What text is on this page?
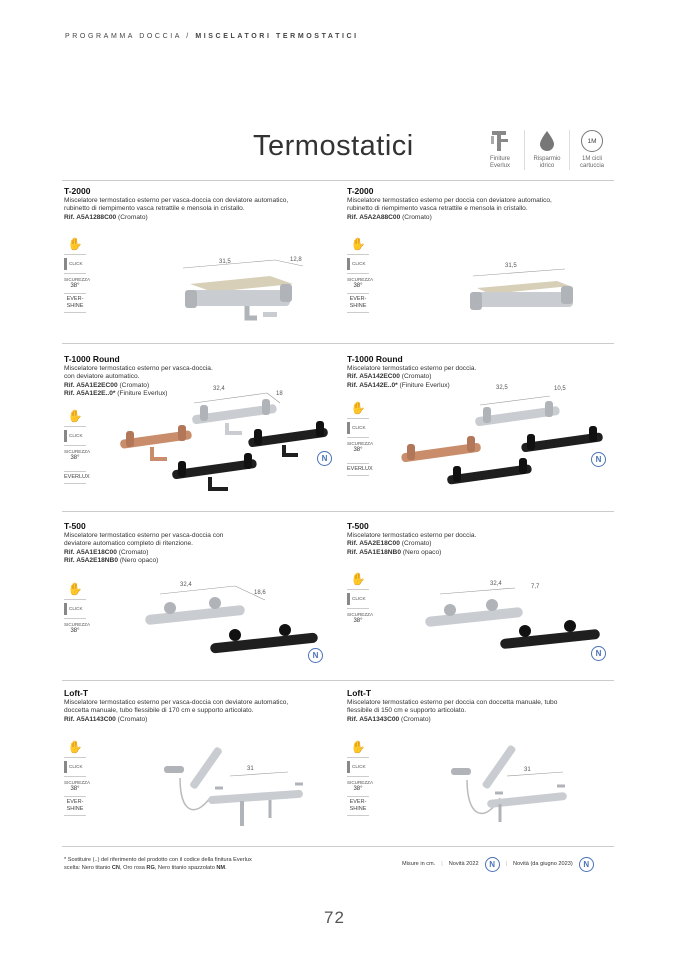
PROGRAMMA DOCCIA / MISCELATORI TERMOSTATICI
Termostatici	Finiture
Everlux
Risparmio
idrico
1M
1M cicli
cartuccia
T-2000
Miscelatore termostatico esterno per vasca-doccia con deviatore automatico,
rubinetto di riempimento vasca retrattile e mensola in cristallo.
Rif. A5A1288C00 (Cromato)
T-2000
Miscelatore termostatico esterno per doccia con deviatore automatico,
rubinetto di riempimento vasca retrattile e mensola in cristallo.
Rif. A5A2A88C00 (Cromato)
✋
CLICK
SICUREZZA
38°
EVER-
SHINE
✋
CLICK
SICUREZZA
38°
EVER-
SHINE
31,5	12,8
31,5
T-1000 Round
Miscelatore termostatico esterno per vasca-doccia.
con deviatore automatico.
Rif. A5A1E2EC00 (Cromato)
Rif. A5A1E2E..0* (Finiture Everlux)
T-1000 Round
Miscelatore termostatico esterno per doccia.
Rif. A5A142EC00 (Cromato)
Rif. A5A142E..0* (Finiture Everlux)
✋
CLICK
SICUREZZA
38°
EVERLUX
✋
CLICK
SICUREZZA
38°
EVERLUX
32,4
18
N
32,5	10,5
N
T-500
Miscelatore termostatico esterno per vasca-doccia con
deviatore automatico completo di ritenzione.
Rif. A5A1E18C00 (Cromato)
Rif. A5A2E18NB0 (Nero opaco)
T-500
Miscelatore termostatico esterno per doccia.
Rif. A5A2E18C00 (Cromato)
Rif. A5A1E18NB0 (Nero opaco)
✋
CLICK
SICUREZZA
38°
✋
CLICK
SICUREZZA
38°
32,4
18,6
N
32,4	7,7
N
Loft-T
Miscelatore termostatico esterno per vasca-doccia con deviatore automatico,
doccetta manuale, tubo flessibile di 170 cm e supporto articolato.
Rif. A5A1143C00 (Cromato)
Loft-T
Miscelatore termostatico esterno per doccia con doccetta manuale, tubo
flessibile di 150 cm e supporto articolato.
Rif. A5A1343C00 (Cromato)
✋
CLICK
SICUREZZA
38°
EVER-
SHINE
✋
CLICK
SICUREZZA
38°
EVER-
SHINE
31	31
* Sostituire (..) del riferimento del prodotto con il codice della finitura Everlux
scelta: Nero titanio CN, Oro rosa RG, Nero titanio spazzolato NM.
Misure in cm. | Novità 2022	N	| Novità (da giugno 2023)	N
72
